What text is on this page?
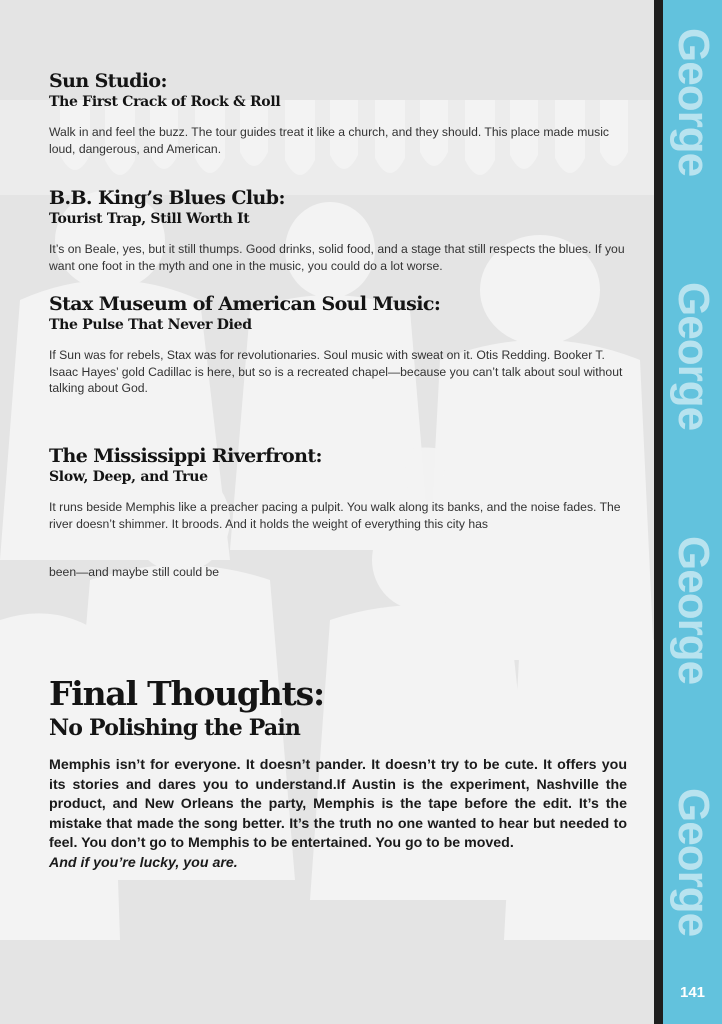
Sun Studio:
The First Crack of Rock & Roll

Walk in and feel the buzz. The tour guides treat it like a church, and they should. This place made music loud, dangerous, and American.

B.B. King’s Blues Club:
Tourist Trap, Still Worth It

It’s on Beale, yes, but it still thumps. Good drinks, solid food, and a stage that still respects the blues. If you want one foot in the myth and one in the music, you could do a lot worse.

Stax Museum of American Soul Music:
The Pulse That Never Died

If Sun was for rebels, Stax was for revolutionaries. Soul music with sweat on it. Otis Redding. Booker T. Isaac Hayes’ gold Cadillac is here, but so is a recreated chapel—because you can’t talk about soul without talking about God.

The Mississippi Riverfront:
Slow, Deep, and True

It runs beside Memphis like a preacher pacing a pulpit. You walk along its banks, and the noise fades. The river doesn’t shimmer. It broods. And it holds the weight of everything this city has

been—and maybe still could be

Final Thoughts:
No Polishing the Pain

Memphis isn’t for everyone. It doesn’t pander. It doesn’t try to be cute. It offers you its stories and dares you to understand.If Austin is the experiment, Nashville the product, and New Orleans the party, Memphis is the tape before the edit. It’s the mistake that made the song better. It’s the truth no one wanted to hear but needed to feel. You don’t go to Memphis to be entertained. You go to be moved.

And if you’re lucky, you are.

George
George
George
George
141
